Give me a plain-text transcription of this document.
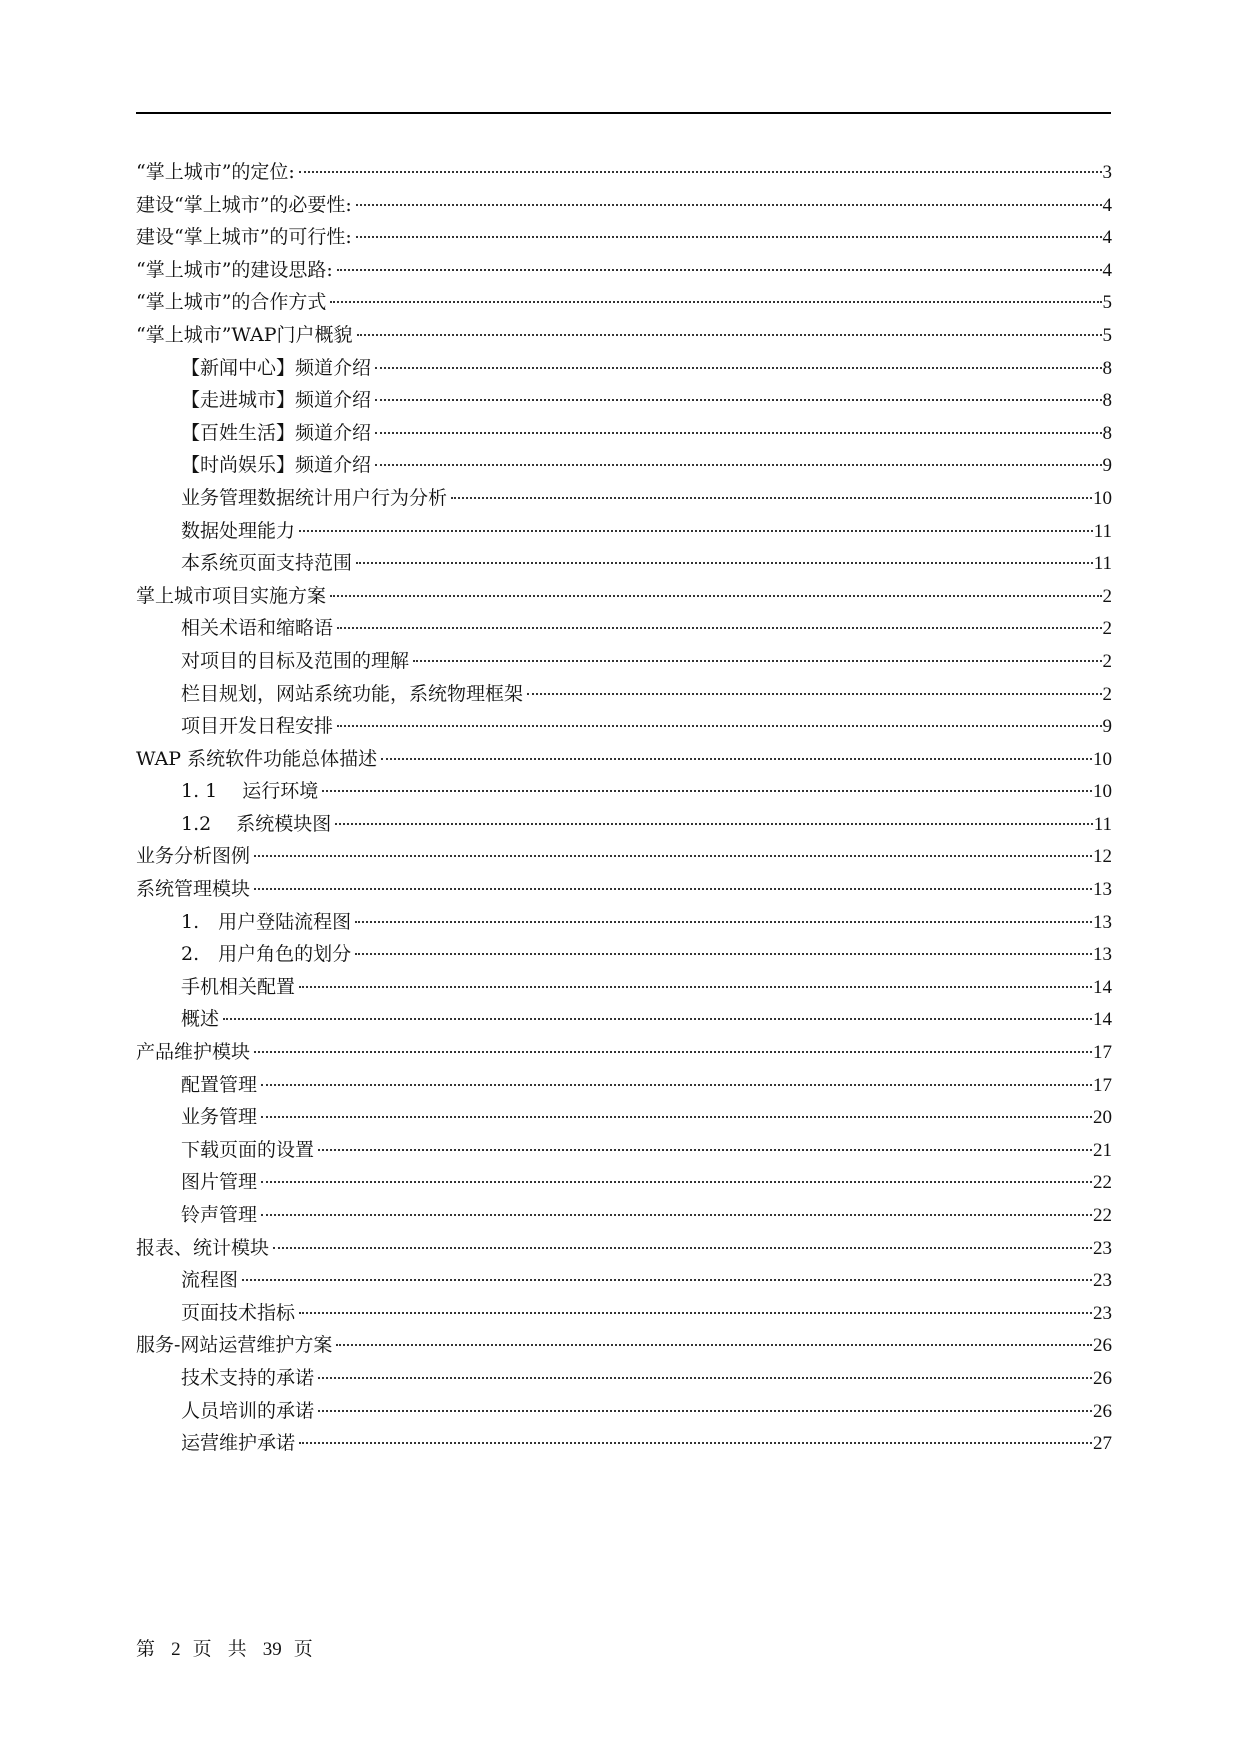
“掌上城市”的定位:	3
建设“掌上城市”的必要性:	4
建设“掌上城市”的可行性:	4
“掌上城市”的建设思路:	4
“掌上城市”的合作方式	5
“掌上城市”WAP门户概貌	5
【新闻中心】频道介绍	8
【走进城市】频道介绍	8
【百姓生活】频道介绍	8
【时尚娱乐】频道介绍	9
业务管理数据统计用户行为分析	10
数据处理能力	11
本系统页面支持范围	11
掌上城市项目实施方案	2
相关术语和缩略语	2
对项目的目标及范围的理解	2
栏目规划，网站系统功能，系统物理框架	2
项目开发日程安排	9
WAP 系统软件功能总体描述	10
1. 1　 运行环境	10
1.2　 系统模块图	11
业务分析图例	12
系统管理模块	13
1.　用户登陆流程图	13
2.　用户角色的划分	13
手机相关配置	14
概述	14
产品维护模块	17
配置管理	17
业务管理	20
下载页面的设置	21
图片管理	22
铃声管理	22
报表、统计模块	23
流程图	23
页面技术指标	23
服务-网站运营维护方案	26
技术支持的承诺	26
人员培训的承诺	26
运营维护承诺	27
第 2 页 共 39 页
